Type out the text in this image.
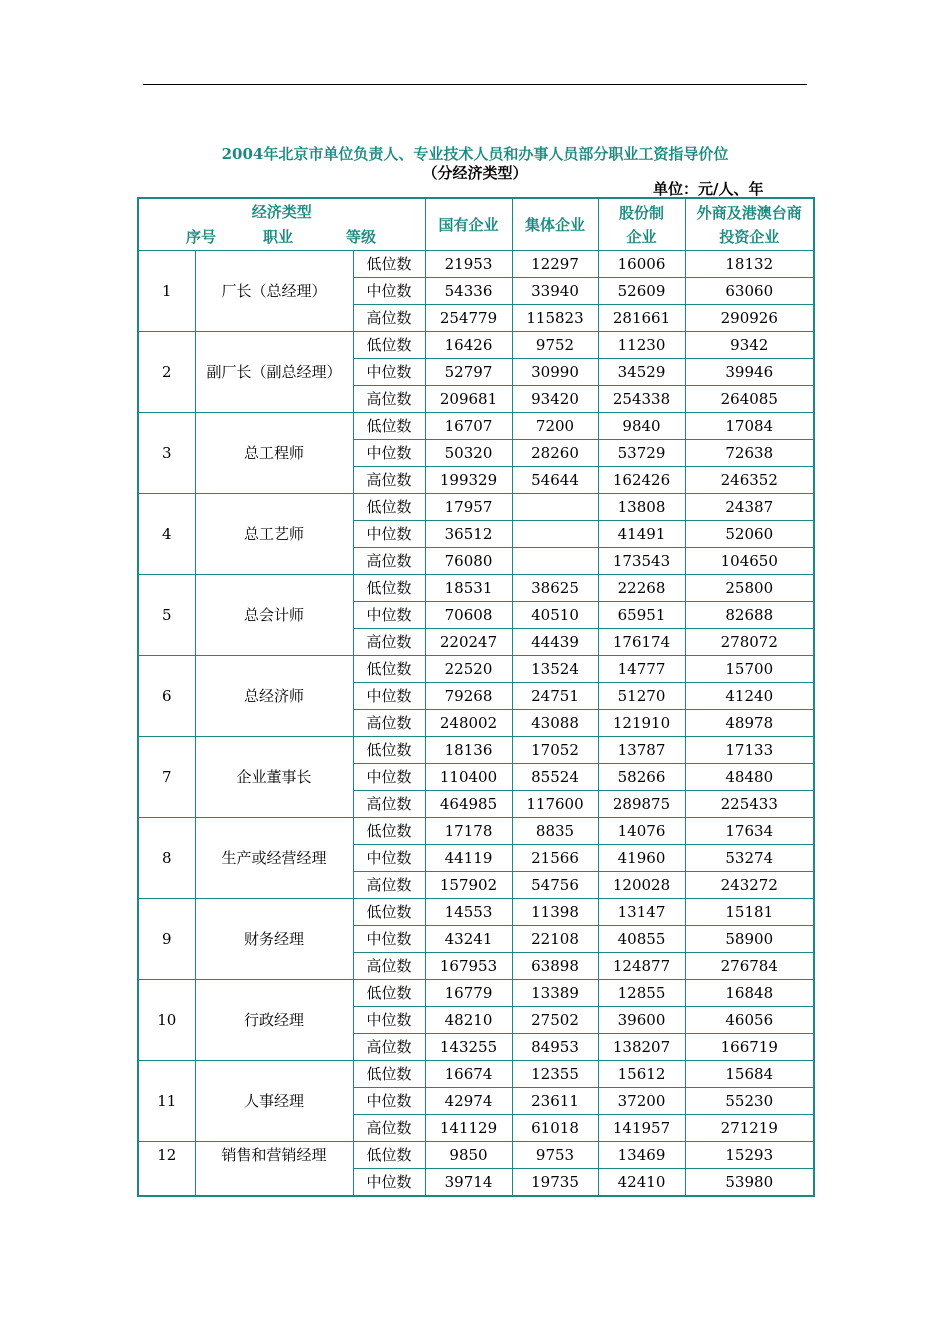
2004年北京市单位负责人、专业技术人员和办事人员部分职业工资指导价位
（分经济类型）
单位：元/人、年
经济类型
序号 职业 等级			国有企业	集体企业	股份制企业	外商及港澳台商投资企业
1	厂长（总经理）	低位数	21953	12297	16006	18132
		中位数	54336	33940	52609	63060
		高位数	254779	115823	281661	290926
2	副厂长（副总经理）	低位数	16426	9752	11230	9342
		中位数	52797	30990	34529	39946
		高位数	209681	93420	254338	264085
3	总工程师	低位数	16707	7200	9840	17084
		中位数	50320	28260	53729	72638
		高位数	199329	54644	162426	246352
4	总工艺师	低位数	17957		13808	24387
		中位数	36512		41491	52060
		高位数	76080		173543	104650
5	总会计师	低位数	18531	38625	22268	25800
		中位数	70608	40510	65951	82688
		高位数	220247	44439	176174	278072
6	总经济师	低位数	22520	13524	14777	15700
		中位数	79268	24751	51270	41240
		高位数	248002	43088	121910	48978
7	企业董事长	低位数	18136	17052	13787	17133
		中位数	110400	85524	58266	48480
		高位数	464985	117600	289875	225433
8	生产或经营经理	低位数	17178	8835	14076	17634
		中位数	44119	21566	41960	53274
		高位数	157902	54756	120028	243272
9	财务经理	低位数	14553	11398	13147	15181
		中位数	43241	22108	40855	58900
		高位数	167953	63898	124877	276784
10	行政经理	低位数	16779	13389	12855	16848
		中位数	48210	27502	39600	46056
		高位数	143255	84953	138207	166719
11	人事经理	低位数	16674	12355	15612	15684
		中位数	42974	23611	37200	55230
		高位数	141129	61018	141957	271219
12	销售和营销经理	低位数	9850	9753	13469	15293
		中位数	39714	19735	42410	53980
